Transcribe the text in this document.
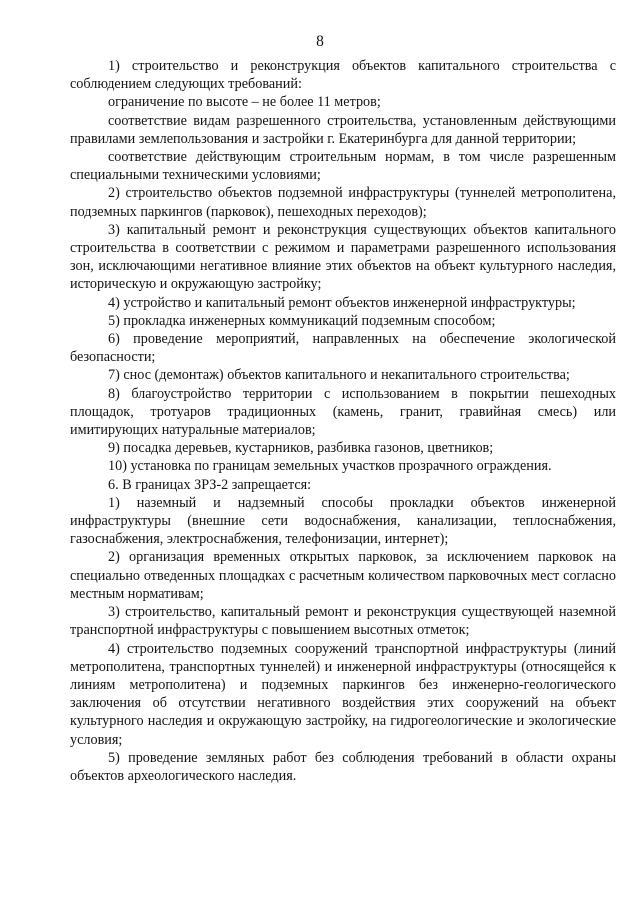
8

1) строительство и реконструкция объектов капитального строительства с соблюдением следующих требований:

ограничение по высоте – не более 11 метров;

соответствие видам разрешенного строительства, установленным действующими правилами землепользования и застройки г. Екатеринбурга для данной территории;

соответствие действующим строительным нормам, в том числе разрешенным специальными техническими условиями;

2) строительство объектов подземной инфраструктуры (туннелей метрополитена, подземных паркингов (парковок), пешеходных переходов);

3) капитальный ремонт и реконструкция существующих объектов капитального строительства в соответствии с режимом и параметрами разрешенного использования зон, исключающими негативное влияние этих объектов на объект культурного наследия, историческую и окружающую застройку;

4) устройство и капитальный ремонт объектов инженерной инфраструктуры;

5) прокладка инженерных коммуникаций подземным способом;

6) проведение мероприятий, направленных на обеспечение экологической безопасности;

7) снос (демонтаж) объектов капитального и некапитального строительства;

8) благоустройство территории с использованием в покрытии пешеходных площадок, тротуаров традиционных (камень, гранит, гравийная смесь) или имитирующих натуральные материалов;

9) посадка деревьев, кустарников, разбивка газонов, цветников;

10) установка по границам земельных участков прозрачного ограждения.

6. В границах ЗРЗ-2 запрещается:

1) наземный и надземный способы прокладки объектов инженерной инфраструктуры (внешние сети водоснабжения, канализации, теплоснабжения, газоснабжения, электроснабжения, телефонизации, интернет);

2) организация временных открытых парковок, за исключением парковок на специально отведенных площадках с расчетным количеством парковочных мест согласно местным нормативам;

3) строительство, капитальный ремонт и реконструкция существующей наземной транспортной инфраструктуры с повышением высотных отметок;

4) строительство подземных сооружений транспортной инфраструктуры (линий метрополитена, транспортных туннелей) и инженерной инфраструктуры (относящейся к линиям метрополитена) и подземных паркингов без инженерно-геологического заключения об отсутствии негативного воздействия этих сооружений на объект культурного наследия и окружающую застройку, на гидрогеологические и экологические условия;

5) проведение земляных работ без соблюдения требований в области охраны объектов археологического наследия.
